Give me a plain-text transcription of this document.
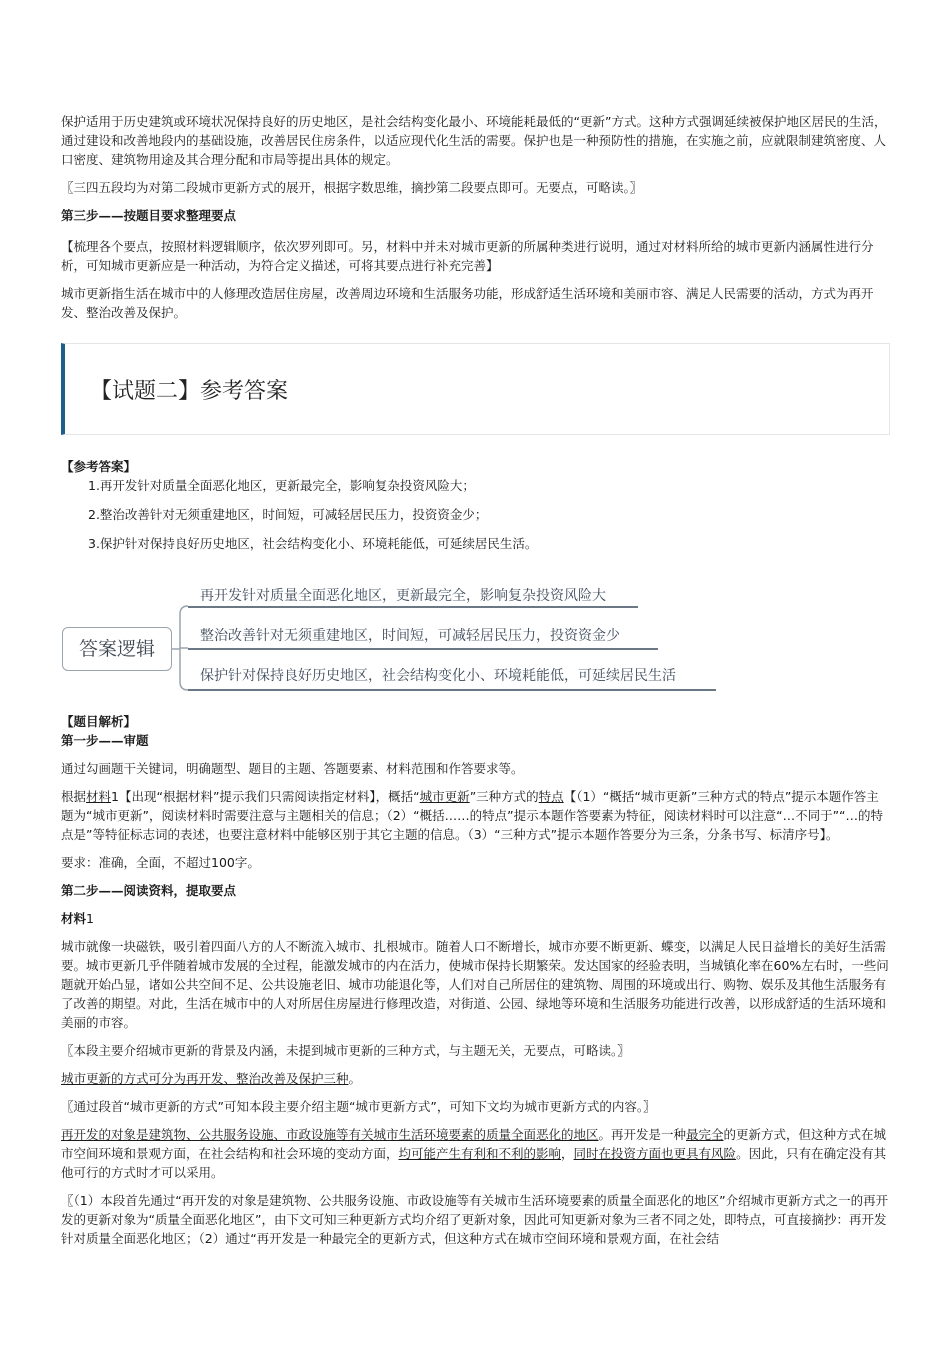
保护适用于历史建筑或环境状况保持良好的历史地区，是社会结构变化最小、环境能耗最低的“更新”方式。这种方式强调延续被保护地区居民的生活，通过建设和改善地段内的基础设施，改善居民住房条件，以适应现代化生活的需要。保护也是一种预防性的措施，在实施之前，应就限制建筑密度、人口密度、建筑物用途及其合理分配和市局等提出具体的规定。

〖三四五段均为对第二段城市更新方式的展开，根据字数思维，摘抄第二段要点即可。无要点，可略读。〗

第三步——按题目要求整理要点

【梳理各个要点，按照材料逻辑顺序，依次罗列即可。另，材料中并未对城市更新的所属种类进行说明，通过对材料所给的城市更新内涵属性进行分析，可知城市更新应是一种活动，为符合定义描述，可将其要点进行补充完善】

城市更新指生活在城市中的人修理改造居住房屋，改善周边环境和生活服务功能，形成舒适生活环境和美丽市容、满足人民需要的活动，方式为再开发、整治改善及保护。

【试题二】参考答案

【参考答案】

1.再开发针对质量全面恶化地区，更新最完全，影响复杂投资风险大；

2.整治改善针对无须重建地区，时间短，可减轻居民压力，投资资金少；

3.保护针对保持良好历史地区，社会结构变化小、环境耗能低，可延续居民生活。

答案逻辑
再开发针对质量全面恶化地区，更新最完全，影响复杂投资风险大
整治改善针对无须重建地区，时间短，可减轻居民压力，投资资金少
保护针对保持良好历史地区，社会结构变化小、环境耗能低，可延续居民生活

【题目解析】

第一步——审题

通过勾画题干关键词，明确题型、题目的主题、答题要素、材料范围和作答要求等。

根据材料1【出现“根据材料”提示我们只需阅读指定材料】，概括“城市更新”三种方式的特点【（1）“概括“城市更新”三种方式的特点”提示本题作答主题为“城市更新”，阅读材料时需要注意与主题相关的信息；（2）“概括……的特点”提示本题作答要素为特征，阅读材料时可以注意“…不同于”“…的特点是”等特征标志词的表述，也要注意材料中能够区别于其它主题的信息。（3）“三种方式”提示本题作答要分为三条，分条书写、标清序号】。

要求：准确，全面，不超过100字。

第二步——阅读资料，提取要点

材料1

城市就像一块磁铁，吸引着四面八方的人不断流入城市、扎根城市。随着人口不断增长，城市亦要不断更新、蝶变，以满足人民日益增长的美好生活需要。城市更新几乎伴随着城市发展的全过程，能激发城市的内在活力，使城市保持长期繁荣。发达国家的经验表明，当城镇化率在60%左右时，一些问题就开始凸显，诸如公共空间不足、公共设施老旧、城市功能退化等，人们对自己所居住的建筑物、周围的环境或出行、购物、娱乐及其他生活服务有了改善的期望。对此，生活在城市中的人对所居住房屋进行修理改造，对街道、公园、绿地等环境和生活服务功能进行改善，以形成舒适的生活环境和美丽的市容。

〖本段主要介绍城市更新的背景及内涵，未提到城市更新的三种方式，与主题无关，无要点，可略读。〗

城市更新的方式可分为再开发、整治改善及保护三种。

〖通过段首“城市更新的方式”可知本段主要介绍主题“城市更新方式”，可知下文均为城市更新方式的内容。〗

再开发的对象是建筑物、公共服务设施、市政设施等有关城市生活环境要素的质量全面恶化的地区。再开发是一种最完全的更新方式，但这种方式在城市空间环境和景观方面，在社会结构和社会环境的变动方面，均可能产生有利和不利的影响，同时在投资方面也更具有风险。因此，只有在确定没有其他可行的方式时才可以采用。

〖（1）本段首先通过“再开发的对象是建筑物、公共服务设施、市政设施等有关城市生活环境要素的质量全面恶化的地区”介绍城市更新方式之一的再开发的更新对象为“质量全面恶化地区”，由下文可知三种更新方式均介绍了更新对象，因此可知更新对象为三者不同之处，即特点，可直接摘抄：再开发针对质量全面恶化地区；（2）通过“再开发是一种最完全的更新方式，但这种方式在城市空间环境和景观方面，在社会结
